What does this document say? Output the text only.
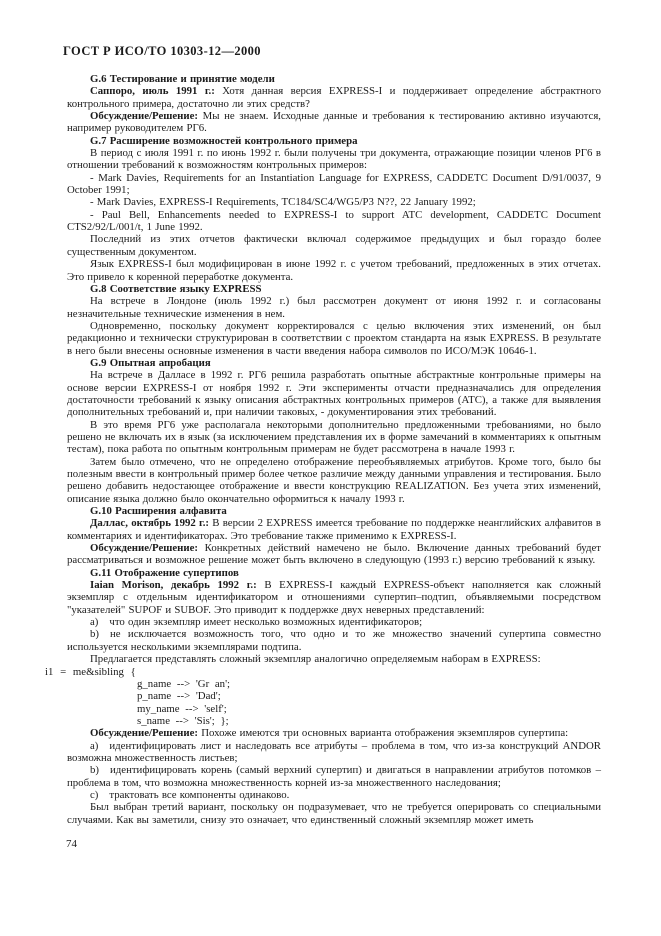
ГОСТ Р ИСО/ТО 10303-12—2000

G.6 Тестирование и принятие модели

Саппоро, июль 1991 г.: Хотя данная версия EXPRESS-I и поддерживает определение абстрактного контрольного примера, достаточно ли этих средств?

Обсуждение/Решение: Мы не знаем. Исходные данные и требования к тестированию активно изучаются, например руководителем РГ6.

G.7 Расширение возможностей контрольного примера

В период с июля 1991 г. по июнь 1992 г. были получены три документа, отражающие позиции членов РГ6 в отношении требований к возможностям контрольных примеров:

- Mark Davies, Requirements for an Instantiation Language for EXPRESS, CADDETC Document D/91/0037, 9 October 1991;

- Mark Davies, EXPRESS-I Requirements, TC184/SC4/WG5/P3 N??, 22 January 1992;

- Paul Bell, Enhancements needed to EXPRESS-I to support ATC development, CADDETC Document CTS2/92/L/001/t, 1 June 1992.

Последний из этих отчетов фактически включал содержимое предыдущих и был гораздо более существенным документом.

Язык EXPRESS-I был модифицирован в июне 1992 г. с учетом требований, предложенных в этих отчетах. Это привело к коренной переработке документа.

G.8 Соответствие языку EXPRESS

На встрече в Лондоне (июль 1992 г.) был рассмотрен документ от июня 1992 г. и согласованы незначительные технические изменения в нем.

Одновременно, поскольку документ корректировался с целью включения этих изменений, он был редакционно и технически структурирован в соответствии с проектом стандарта на язык EXPRESS. В результате в него были внесены основные изменения в части введения набора символов по ИСО/МЭК 10646-1.

G.9 Опытная апробация

На встрече в Далласе в 1992 г. РГ6 решила разработать опытные абстрактные контрольные примеры на основе версии EXPRESS-I от ноября 1992 г. Эти эксперименты отчасти предназначались для определения достаточности требований к языку описания абстрактных контрольных примеров (ATC), а также для выявления дополнительных требований и, при наличии таковых, - документирования этих требований.

В это время РГ6 уже располагала некоторыми дополнительно предложенными требованиями, но было решено не включать их в язык (за исключением представления их в форме замечаний в комментариях к опытным тестам), пока работа по опытным контрольным примерам не будет рассмотрена в начале 1993 г.

Затем было отмечено, что не определено отображение переобъявляемых атрибутов. Кроме того, было бы полезным ввести в контрольный пример более четкое различие между данными управления и тестирования. Было решено добавить недостающее отображение и ввести конструкцию REALIZATION. Без учета этих изменений, описание языка должно было окончательно оформиться к началу 1993 г.

G.10 Расширения алфавита

Даллас, октябрь 1992 г.: В версии 2 EXPRESS имеется требование по поддержке неанглийских алфавитов в комментариях и идентификаторах. Это требование также применимо к EXPRESS-I.

Обсуждение/Решение: Конкретных действий намечено не было. Включение данных требований будет рассматриваться и возможное решение может быть включено в следующую (1993 г.) версию требований к языку.

G.11 Отображение супертипов

Iaian Morison, декабрь 1992 г.: В EXPRESS-I каждый EXPRESS-объект наполняется как сложный экземпляр с отдельным идентификатором и отношениями супертип–подтип, объявляемыми посредством "указателей" SUPOF и SUBOF. Это приводит к поддержке двух неверных представлений:

a) что один экземпляр имеет несколько возможных идентификаторов;

b) не исключается возможность того, что одно и то же множество значений супертипа совместно используется несколькими экземплярами подтипа.

Предлагается представлять сложный экземпляр аналогично определяемым наборам в EXPRESS:

i1 = me&sibling {

g_name --> 'Gr an';

p_name --> 'Dad';

my_name --> 'self';

s_name --> 'Sis'; };

Обсуждение/Решение: Похоже имеются три основных варианта отображения экземпляров супертипа:

a) идентифицировать лист и наследовать все атрибуты – проблема в том, что из-за конструкций ANDOR возможна множественность листьев;

b) идентифицировать корень (самый верхний супертип) и двигаться в направлении атрибутов потомков – проблема в том, что возможна множественность корней из-за множественного наследования;

c) трактовать все компоненты одинаково.

Был выбран третий вариант, поскольку он подразумевает, что не требуется оперировать со специальными случаями. Как вы заметили, снизу это означает, что единственный сложный экземпляр может иметь

74
